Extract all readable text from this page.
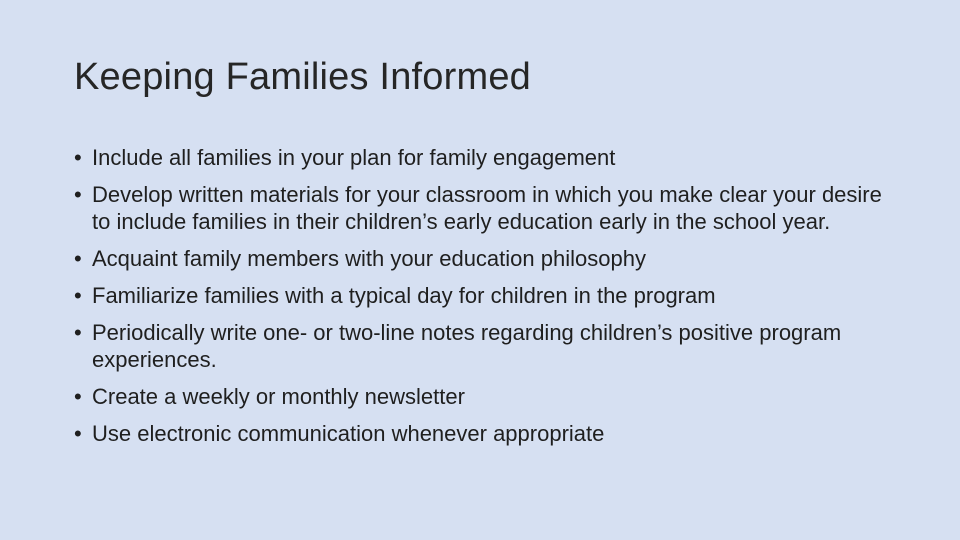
Keeping Families Informed
• Include all families in your plan for family engagement
• Develop written materials for your classroom in which you make clear your desire to include families in their children’s early education early in the school year.
• Acquaint family members with your education philosophy
• Familiarize families with a typical day for children in the program
• Periodically write one- or two-line notes regarding children’s positive program experiences.
• Create a weekly or monthly newsletter
• Use electronic communication whenever appropriate
